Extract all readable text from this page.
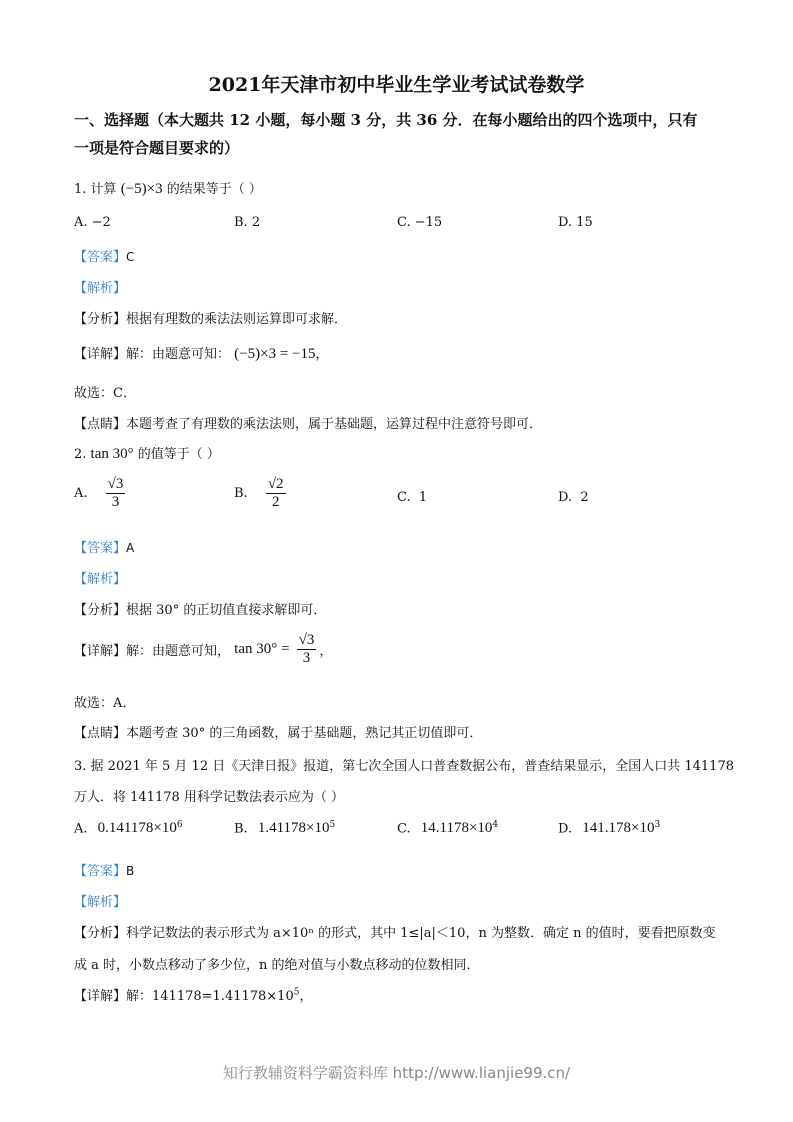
2021年天津市初中毕业生学业考试试卷数学
一、选择题（本大题共 12 小题，每小题 3 分，共 36 分．在每小题给出的四个选项中，只有
一项是符合题目要求的）
1. 计算 (−5)×3 的结果等于（ ）
A. −2	B. 2	C. −15	D. 15
【答案】C
【解析】
【分析】根据有理数的乘法法则运算即可求解．
【详解】解：由题意可知： (−5)×3 = −15，
故选：C．
【点睛】本题考查了有理数的乘法法则，属于基础题，运算过程中注意符号即可．
2. tan 30° 的值等于（ ）
A. $\frac{√3}{3}$	B. $\frac{√2}{2}$	C. 1	D. 2
【答案】A
【解析】
【分析】根据 30° 的正切值直接求解即可．
【详解】解：由题意可知， $\tan 30^\circ = \frac{√3}{3}$ ，
故选：A．
【点睛】本题考查 30° 的三角函数，属于基础题，熟记其正切值即可．
3. 据 2021 年 5 月 12 日《天津日报》报道，第七次全国人口普查数据公布，普查结果显示，全国人口共 141178
万人．将 141178 用科学记数法表示应为（ ）
A. $0.141178\times 10^6$	B. $1.41178\times 10^5$	C. $14.1178\times 10^4$	D. $141.178\times 10^3$
【答案】B
【解析】
【分析】科学记数法的表示形式为 a×10ⁿ 的形式，其中 1≤|a|＜10，n 为整数．确定 n 的值时，要看把原数变
成 a 时，小数点移动了多少位，n 的绝对值与小数点移动的位数相同．
【详解】解：$141178=1.41178\times 10^5$，
知行教辅资料学霸资料库 http://www.lianjie99.cn/
